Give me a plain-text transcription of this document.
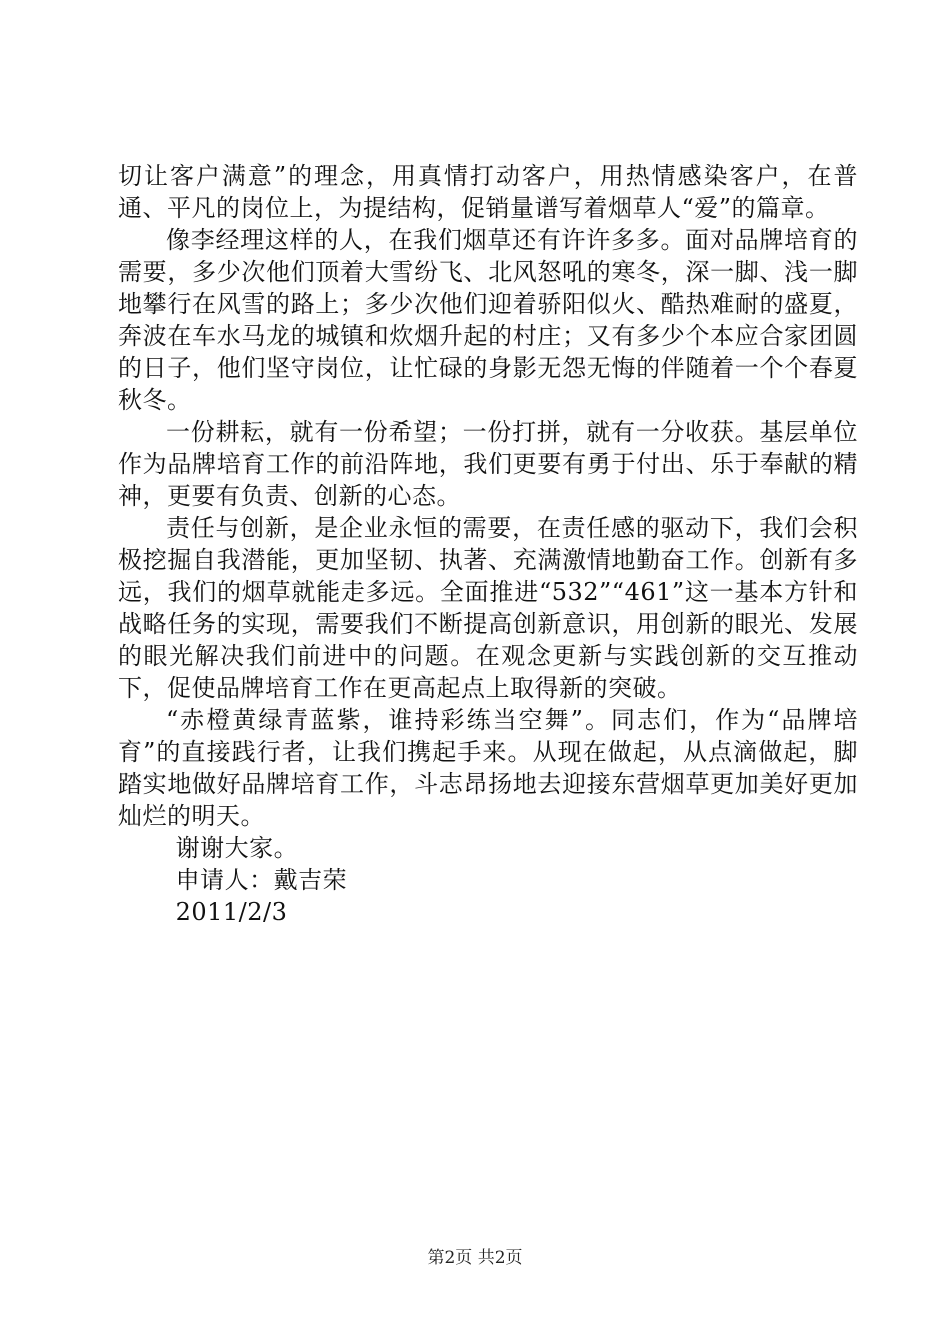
切让客户满意”的理念，用真情打动客户，用热情感染客户，在普通、平凡的岗位上，为提结构，促销量谱写着烟草人“爱”的篇章。

像李经理这样的人，在我们烟草还有许许多多。面对品牌培育的需要，多少次他们顶着大雪纷飞、北风怒吼的寒冬，深一脚、浅一脚地攀行在风雪的路上；多少次他们迎着骄阳似火、酷热难耐的盛夏，奔波在车水马龙的城镇和炊烟升起的村庄；又有多少个本应合家团圆的日子，他们坚守岗位，让忙碌的身影无怨无悔的伴随着一个个春夏秋冬。

一份耕耘，就有一份希望；一份打拼，就有一分收获。基层单位作为品牌培育工作的前沿阵地，我们更要有勇于付出、乐于奉献的精神，更要有负责、创新的心态。

责任与创新，是企业永恒的需要，在责任感的驱动下，我们会积极挖掘自我潜能，更加坚韧、执著、充满激情地勤奋工作。创新有多远，我们的烟草就能走多远。全面推进“532”“461”这一基本方针和战略任务的实现，需要我们不断提高创新意识，用创新的眼光、发展的眼光解决我们前进中的问题。在观念更新与实践创新的交互推动下，促使品牌培育工作在更高起点上取得新的突破。

“赤橙黄绿青蓝紫，谁持彩练当空舞”。同志们，作为“品牌培育”的直接践行者，让我们携起手来。从现在做起，从点滴做起，脚踏实地做好品牌培育工作，斗志昂扬地去迎接东营烟草更加美好更加灿烂的明天。

谢谢大家。

申请人：戴吉荣

2011/2/3

第2页 共2页
